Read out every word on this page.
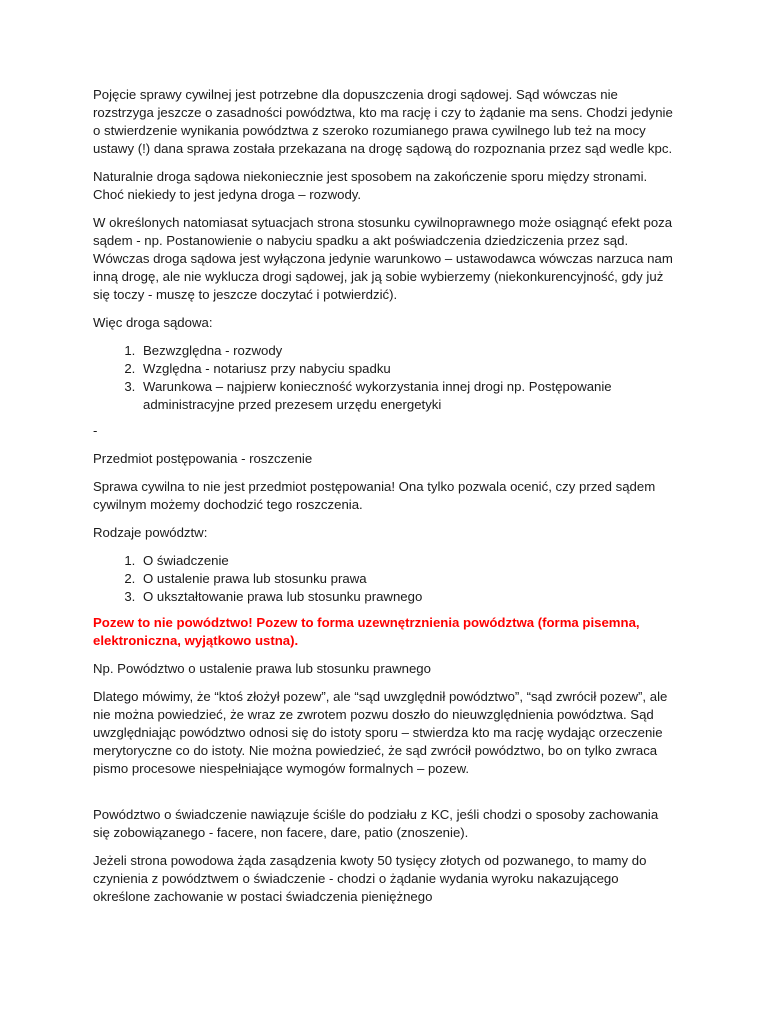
Pojęcie sprawy cywilnej jest potrzebne dla dopuszczenia drogi sądowej. Sąd wówczas nie rozstrzyga jeszcze o zasadności powództwa, kto ma rację i czy to żądanie ma sens. Chodzi jedynie o stwierdzenie wynikania powództwa z szeroko rozumianego prawa cywilnego lub też na mocy ustawy (!) dana sprawa została przekazana na drogę sądową do rozpoznania przez sąd wedle kpc.

Naturalnie droga sądowa niekoniecznie jest sposobem na zakończenie sporu między stronami. Choć niekiedy to jest jedyna droga – rozwody.

W określonych natomiasat sytuacjach strona stosunku cywilnoprawnego może osiągnąć efekt poza sądem - np. Postanowienie o nabyciu spadku a akt poświadczenia dziedziczenia przez sąd. Wówczas droga sądowa jest wyłączona jedynie warunkowo – ustawodawca wówczas narzuca nam inną drogę, ale nie wyklucza drogi sądowej, jak ją sobie wybierzemy (niekonkurencyjność, gdy już się toczy - muszę to jeszcze doczytać i potwierdzić).

Więc droga sądowa:

1. Bezwzględna - rozwody
2. Względna - notariusz przy nabyciu spadku
3. Warunkowa – najpierw konieczność wykorzystania innej drogi np. Postępowanie administracyjne przed prezesem urzędu energetyki

-

Przedmiot postępowania - roszczenie

Sprawa cywilna to nie jest przedmiot postępowania! Ona tylko pozwala ocenić, czy przed sądem cywilnym możemy dochodzić tego roszczenia.

Rodzaje powództw:

1. O świadczenie
2. O ustalenie prawa lub stosunku prawa
3. O ukształtowanie prawa lub stosunku prawnego

Pozew to nie powództwo! Pozew to forma uzewnętrznienia powództwa (forma pisemna, elektroniczna, wyjątkowo ustna).

Np. Powództwo o ustalenie prawa lub stosunku prawnego

Dlatego mówimy, że “ktoś złożył pozew”, ale “sąd uwzględnił powództwo”, “sąd zwrócił pozew”, ale nie można powiedzieć, że wraz ze zwrotem pozwu doszło do nieuwzględnienia powództwa. Sąd uwzględniając powództwo odnosi się do istoty sporu – stwierdza kto ma rację wydając orzeczenie merytoryczne co do istoty. Nie można powiedzieć, że sąd zwrócił powództwo, bo on tylko zwraca pismo procesowe niespełniające wymogów formalnych – pozew.

Powództwo o świadczenie nawiązuje ściśle do podziału z KC, jeśli chodzi o sposoby zachowania się zobowiązanego - facere, non facere, dare, patio (znoszenie).

Jeżeli strona powodowa żąda zasądzenia kwoty 50 tysięcy złotych od pozwanego, to mamy do czynienia z powództwem o świadczenie - chodzi o żądanie wydania wyroku nakazującego określone zachowanie w postaci świadczenia pieniężnego
